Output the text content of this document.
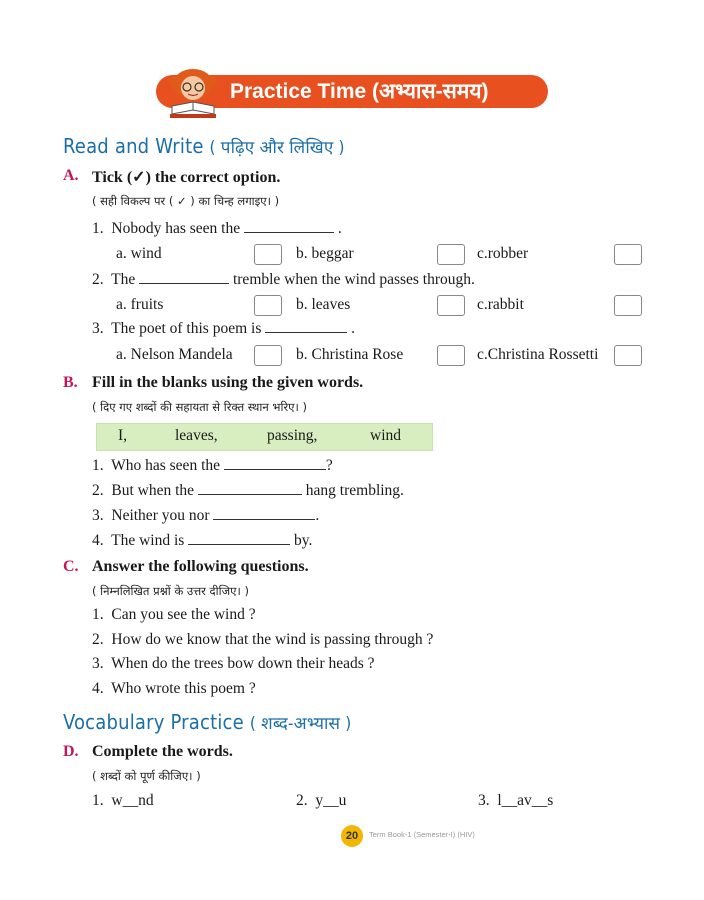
Practice Time (अभ्यास-समय)
Read and Write ( पढ़िए और लिखिए )
A. Tick (✓) the correct option.
( सही विकल्प पर ( ✓ ) का चिन्ह लगाइए। )
1. Nobody has seen the	.
a. wind	b. beggar	c.robber
2. The	tremble when the wind passes through.
a. fruits	b. leaves	c.rabbit
3. The poet of this poem is	.
a. Nelson Mandela	b. Christina Rose	c.Christina Rossetti
B. Fill in the blanks using the given words.
( दिए गए शब्दों की सहायता से रिक्त स्थान भरिए। )
I,	leaves,	passing,	wind
1. Who has seen the	?
2. But when the	hang trembling.
3. Neither you nor	.
4. The wind is	by.
C. Answer the following questions.
( निम्नलिखित प्रश्नों के उत्तर दीजिए। )
1. Can you see the wind ?
2. How do we know that the wind is passing through ?
3. When do the trees bow down their heads ?
4. Who wrote this poem ?
Vocabulary Practice ( शब्द-अभ्यास )
D. Complete the words.
( शब्दों को पूर्ण कीजिए। )
1. w__nd	2. y__u	3. l__av__s
20	Term Book-1 (Semester-I) (HIV)
